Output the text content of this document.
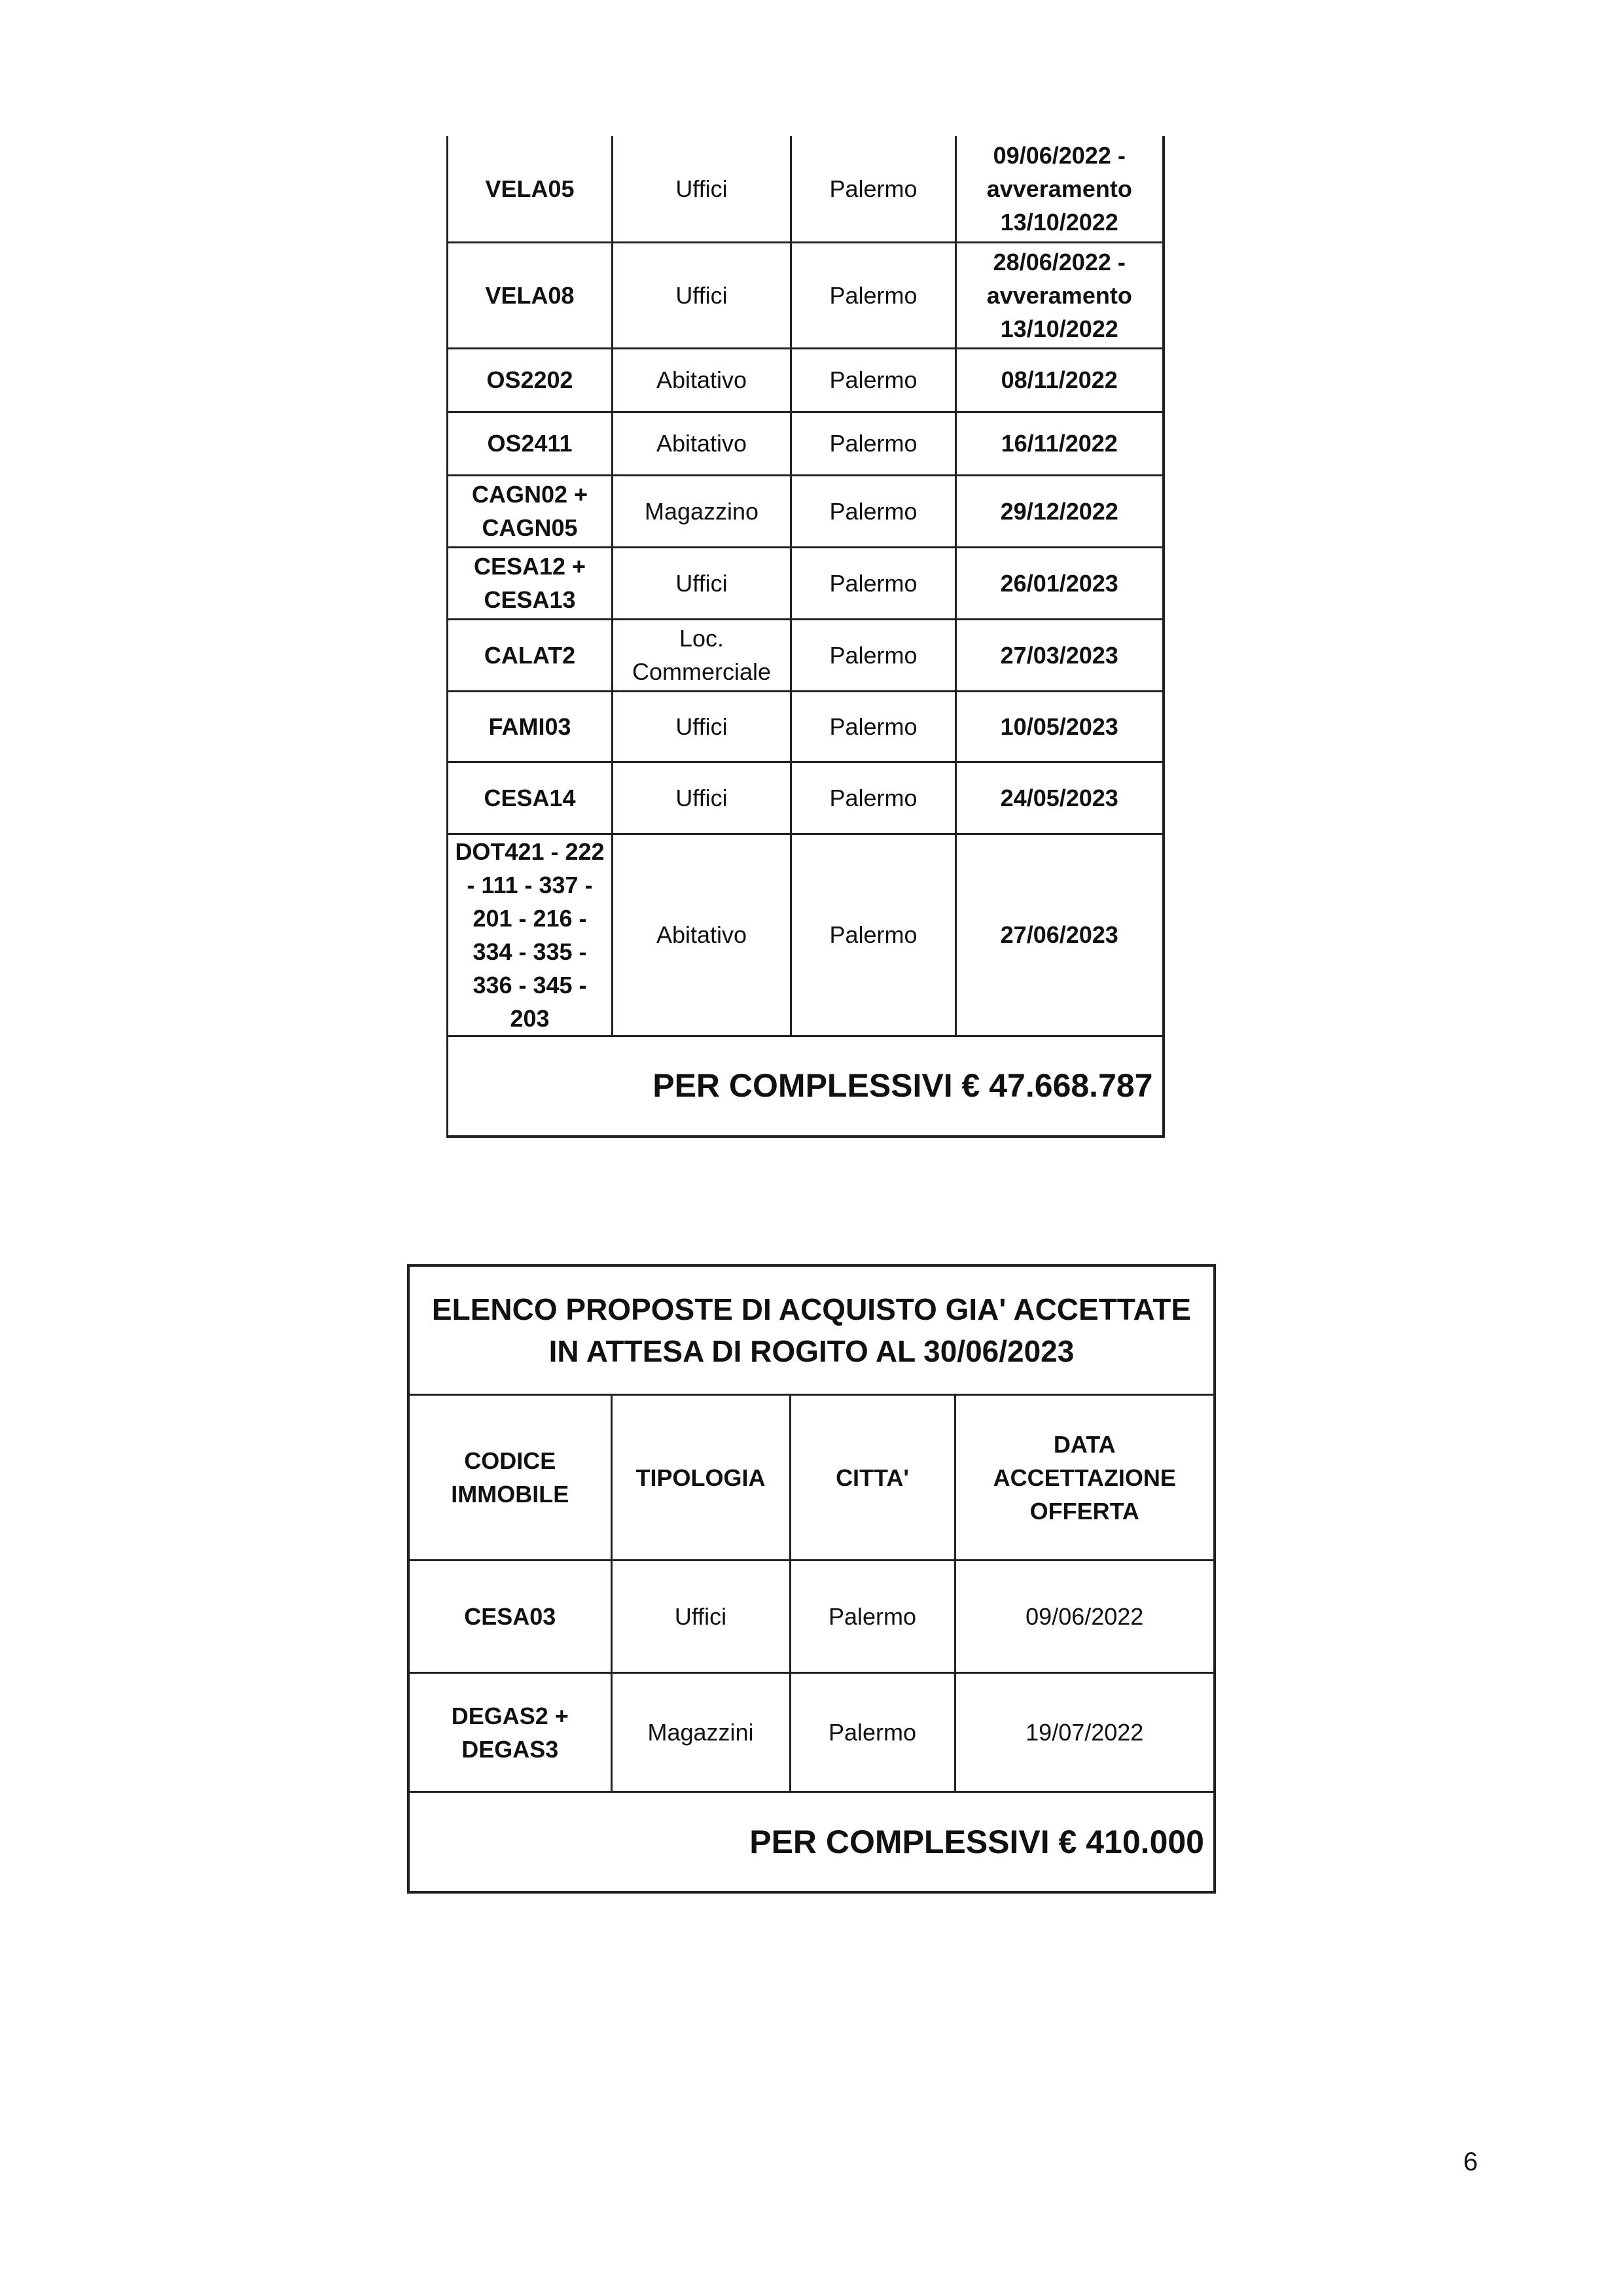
VELA05	Uffici	Palermo	09/06/2022 - avveramento 13/10/2022
VELA08	Uffici	Palermo	28/06/2022 - avveramento 13/10/2022
OS2202	Abitativo	Palermo	08/11/2022
OS2411	Abitativo	Palermo	16/11/2022
CAGN02 + CAGN05	Magazzino	Palermo	29/12/2022
CESA12 + CESA13	Uffici	Palermo	26/01/2023
CALAT2	Loc. Commerciale	Palermo	27/03/2023
FAMI03	Uffici	Palermo	10/05/2023
CESA14	Uffici	Palermo	24/05/2023
DOT421 - 222 - 111 - 337 - 201 - 216 - 334 - 335 - 336 - 345 - 203	Abitativo	Palermo	27/06/2023
PER COMPLESSIVI € 47.668.787			
ELENCO PROPOSTE DI ACQUISTO GIA' ACCETTATE IN ATTESA DI ROGITO AL 30/06/2023			
CODICE IMMOBILE	TIPOLOGIA	CITTA'	DATA ACCETTAZIONE OFFERTA
CESA03	Uffici	Palermo	09/06/2022
DEGAS2 + DEGAS3	Magazzini	Palermo	19/07/2022
PER COMPLESSIVI € 410.000			
6
